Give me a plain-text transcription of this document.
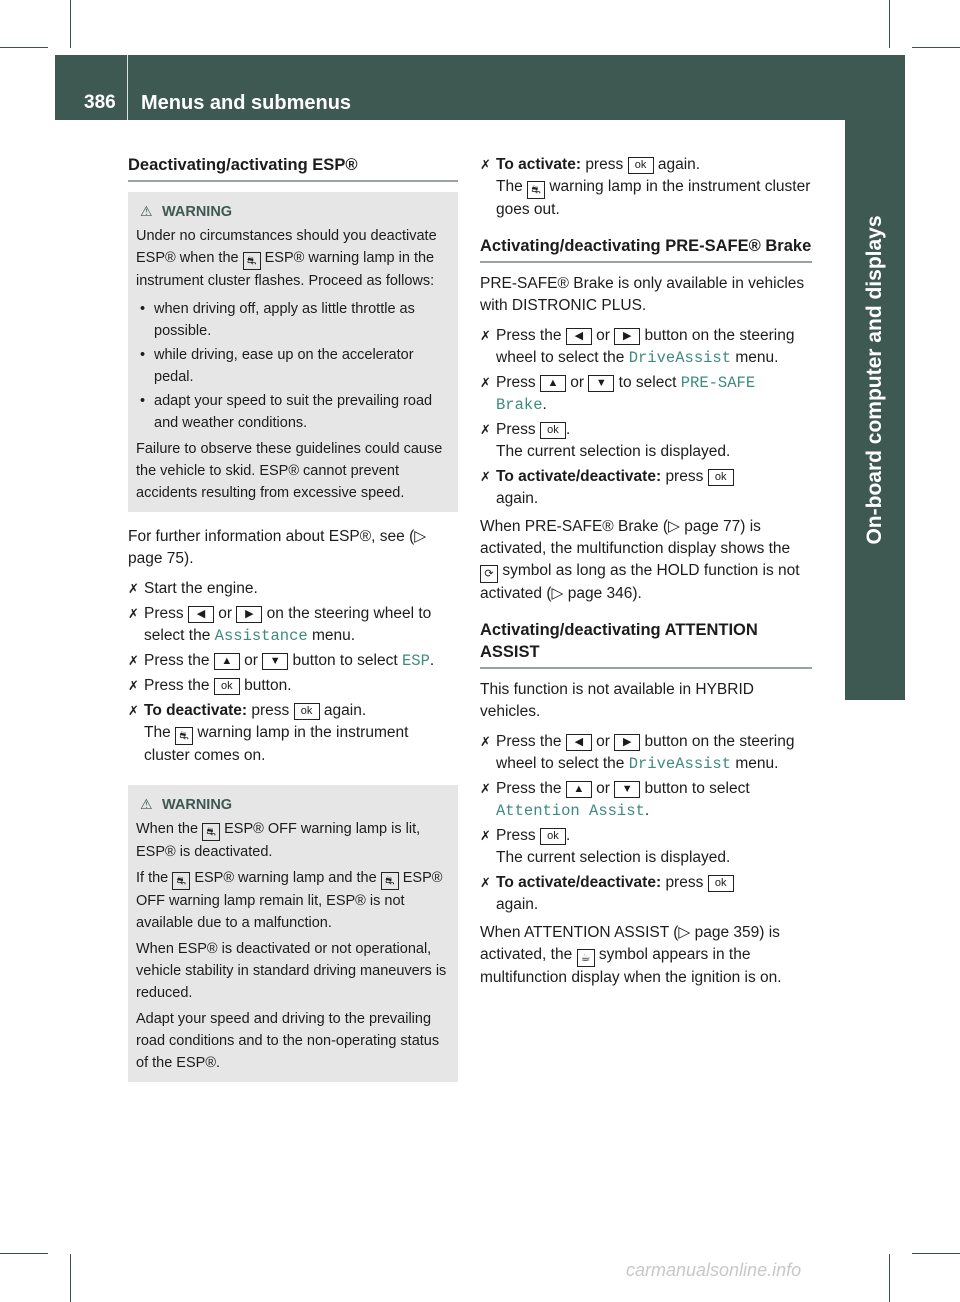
386 Menus and submenus
On-board computer and displays
Deactivating/activating ESP®
⚠ WARNING
Under no circumstances should you deactivate ESP® when the ⛐ ESP® warning lamp in the instrument cluster flashes. Proceed as follows:
• when driving off, apply as little throttle as possible.
• while driving, ease up on the accelerator pedal.
• adapt your speed to suit the prevailing road and weather conditions.
Failure to observe these guidelines could cause the vehicle to skid. ESP® cannot prevent accidents resulting from excessive speed.

For further information about ESP®, see (▷ page 75).

✗ Start the engine.
✗ Press ◀ or ▶ on the steering wheel to select the Assistance menu.
✗ Press the ▲ or ▼ button to select ESP.
✗ Press the ok button.
✗ To deactivate: press ok again.
The ⛐ warning lamp in the instrument cluster comes on.
⚠ WARNING

When the ⛐ ESP® OFF warning lamp is lit, ESP® is deactivated.

If the ⛐ ESP® warning lamp and the ⛐ ESP® OFF warning lamp remain lit, ESP® is not available due to a malfunction.

When ESP® is deactivated or not operational, vehicle stability in standard driving maneuvers is reduced.

Adapt your speed and driving to the prevailing road conditions and to the non-operating status of the ESP®.

✗ To activate: press ok again.
The ⛐ warning lamp in the instrument cluster goes out.
Activating/deactivating PRE-SAFE® Brake

PRE-SAFE® Brake is only available in vehicles with DISTRONIC PLUS.

✗ Press the ◀ or ▶ button on the steering wheel to select the DriveAssist menu.
✗ Press ▲ or ▼ to select PRE-SAFE Brake.
✗ Press ok .
The current selection is displayed.
✗ To activate/deactivate: press ok
again.

When PRE-SAFE® Brake (▷ page 77) is activated, the multifunction display shows the ⟳ symbol as long as the HOLD function is not activated (▷ page 346).

Activating/deactivating ATTENTION ASSIST

This function is not available in HYBRID vehicles.

✗ Press the ◀ or ▶ button on the steering wheel to select the DriveAssist menu.
✗ Press the ▲ or ▼ button to select Attention Assist.
✗ Press ok .
The current selection is displayed.
✗ To activate/deactivate: press ok
again.

When ATTENTION ASSIST (▷ page 359) is activated, the ☕ symbol appears in the multifunction display when the ignition is on.

carmanualsonline.info
